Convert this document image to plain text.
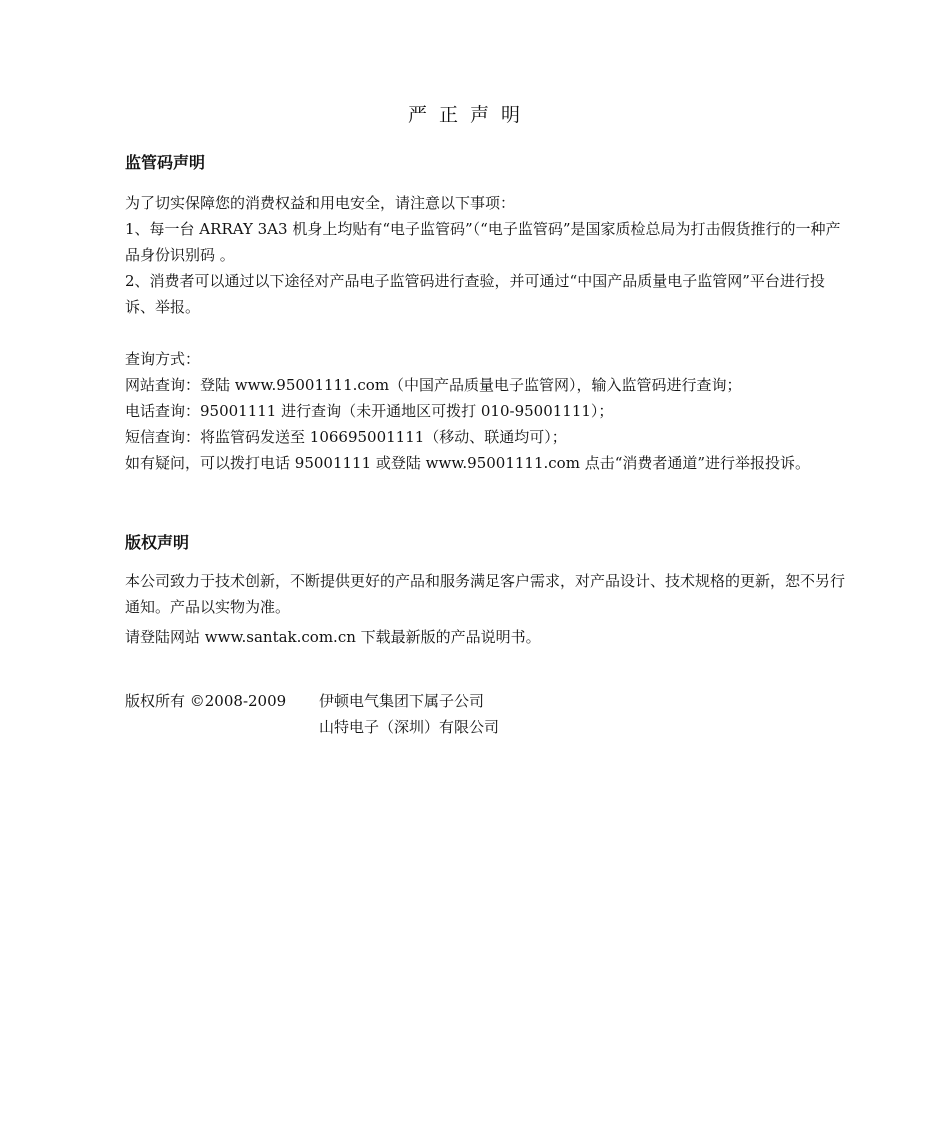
严正声明
监管码声明

为了切实保障您的消费权益和用电安全，请注意以下事项：

1、每一台 ARRAY 3A3 机身上均贴有“电子监管码”（“电子监管码”是国家质检总局为打击假货推行的一种产品身份识别码 。

2、消费者可以通过以下途径对产品电子监管码进行查验，并可通过“中国产品质量电子监管网”平台进行投诉、举报。

查询方式：

网站查询：登陆 www.95001111.com（中国产品质量电子监管网），输入监管码进行查询；

电话查询：95001111 进行查询（未开通地区可拨打 010-95001111）；

短信查询：将监管码发送至 106695001111（移动、联通均可）；

如有疑问，可以拨打电话 95001111 或登陆 www.95001111.com 点击“消费者通道”进行举报投诉。

版权声明

本公司致力于技术创新，不断提供更好的产品和服务满足客户需求，对产品设计、技术规格的更新，恕不另行通知。产品以实物为准。

请登陆网站 www.santak.com.cn 下载最新版的产品说明书。

版权所有 ©2008-2009 伊顿电气集团下属子公司

山特电子（深圳）有限公司
